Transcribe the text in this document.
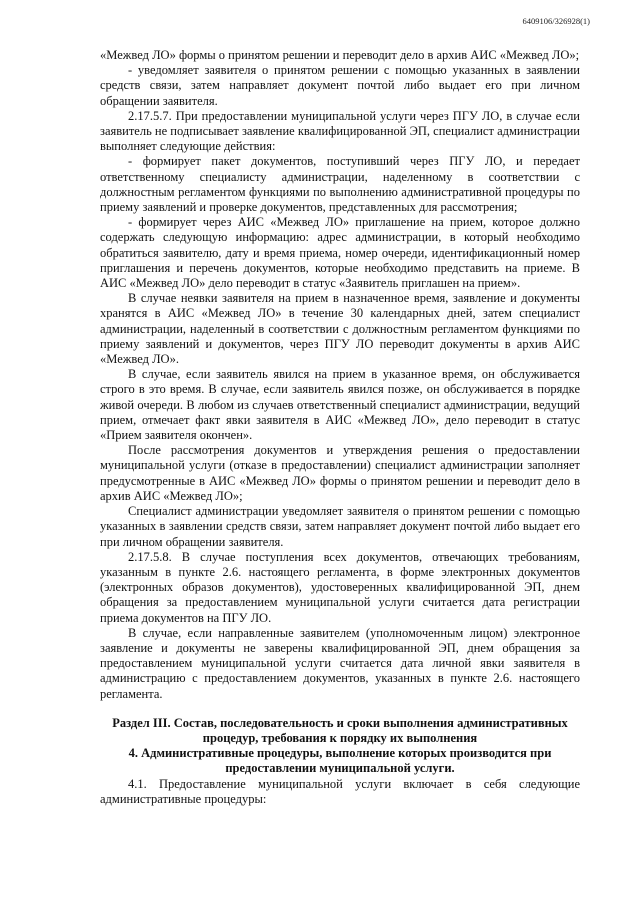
6409106/326928(1)

«Межвед ЛО» формы о принятом решении и переводит дело в архив АИС «Межвед ЛО»;

- уведомляет заявителя о принятом решении с помощью указанных в заявлении средств связи, затем направляет документ почтой либо выдает его при личном обращении заявителя.

2.17.5.7. При предоставлении муниципальной услуги через ПГУ ЛО, в случае если заявитель не подписывает заявление квалифицированной ЭП, специалист администрации выполняет следующие действия:

- формирует пакет документов, поступивший через ПГУ ЛО, и передает ответственному специалисту администрации, наделенному в соответствии с должностным регламентом функциями по выполнению административной процедуры по приему заявлений и проверке документов, представленных для рассмотрения;

- формирует через АИС «Межвед ЛО» приглашение на прием, которое должно содержать следующую информацию: адрес администрации, в который необходимо обратиться заявителю, дату и время приема, номер очереди, идентификационный номер приглашения и перечень документов, которые необходимо представить на приеме. В АИС «Межвед ЛО» дело переводит в статус «Заявитель приглашен на прием».

В случае неявки заявителя на прием в назначенное время, заявление и документы хранятся в АИС «Межвед ЛО» в течение 30 календарных дней, затем специалист администрации, наделенный в соответствии с должностным регламентом функциями по приему заявлений и документов, через ПГУ ЛО переводит документы в архив АИС «Межвед ЛО».

В случае, если заявитель явился на прием в указанное время, он обслуживается строго в это время. В случае, если заявитель явился позже, он обслуживается в порядке живой очереди. В любом из случаев ответственный специалист администрации, ведущий прием, отмечает факт явки заявителя в АИС «Межвед ЛО», дело переводит в статус «Прием заявителя окончен».

После рассмотрения документов и утверждения решения о предоставлении муниципальной услуги (отказе в предоставлении) специалист администрации заполняет предусмотренные в АИС «Межвед ЛО» формы о принятом решении и переводит дело в архив АИС «Межвед ЛО»;

Специалист администрации уведомляет заявителя о принятом решении с помощью указанных в заявлении средств связи, затем направляет документ почтой либо выдает его при личном обращении заявителя.

2.17.5.8. В случае поступления всех документов, отвечающих требованиям, указанным в пункте 2.6. настоящего регламента, в форме электронных документов (электронных образов документов), удостоверенных квалифицированной ЭП, днем обращения за предоставлением муниципальной услуги считается дата регистрации приема документов на ПГУ ЛО.

В случае, если направленные заявителем (уполномоченным лицом) электронное заявление и документы не заверены квалифицированной ЭП, днем обращения за предоставлением муниципальной услуги считается дата личной явки заявителя в администрацию с предоставлением документов, указанных в пункте 2.6. настоящего регламента.

Раздел III. Состав, последовательность и сроки выполнения административных процедур, требования к порядку их выполнения

4. Административные процедуры, выполнение которых производится при предоставлении муниципальной услуги.

4.1. Предоставление муниципальной услуги включает в себя следующие административные процедуры:
